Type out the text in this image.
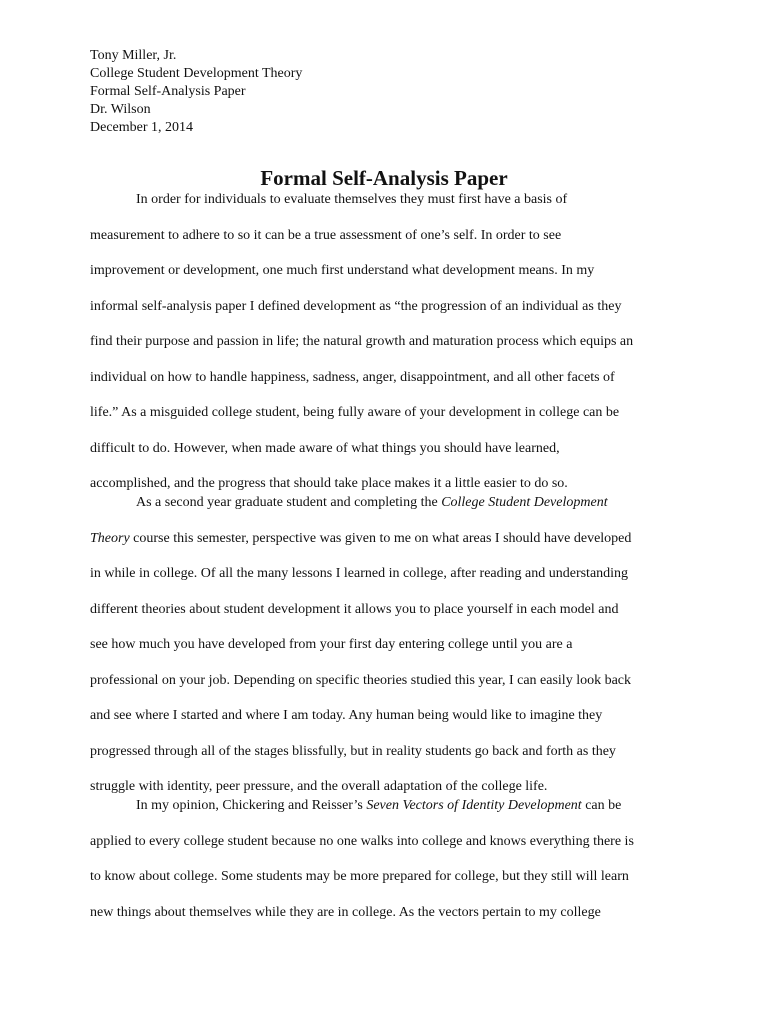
Tony Miller, Jr.
College Student Development Theory
Formal Self-Analysis Paper
Dr. Wilson
December 1, 2014
Formal Self-Analysis Paper
In order for individuals to evaluate themselves they must first have a basis of
measurement to adhere to so it can be a true assessment of one’s self. In order to see
improvement or development, one much first understand what development means. In my
informal self-analysis paper I defined development as “the progression of an individual as they
find their purpose and passion in life; the natural growth and maturation process which equips an
individual on how to handle happiness, sadness, anger, disappointment, and all other facets of
life.” As a misguided college student, being fully aware of your development in college can be
difficult to do. However, when made aware of what things you should have learned,
accomplished, and the progress that should take place makes it a little easier to do so.
As a second year graduate student and completing the College Student Development
Theory course this semester, perspective was given to me on what areas I should have developed
in while in college. Of all the many lessons I learned in college, after reading and understanding
different theories about student development it allows you to place yourself in each model and
see how much you have developed from your first day entering college until you are a
professional on your job. Depending on specific theories studied this year, I can easily look back
and see where I started and where I am today. Any human being would like to imagine they
progressed through all of the stages blissfully, but in reality students go back and forth as they
struggle with identity, peer pressure, and the overall adaptation of the college life.
In my opinion, Chickering and Reisser’s Seven Vectors of Identity Development can be
applied to every college student because no one walks into college and knows everything there is
to know about college. Some students may be more prepared for college, but they still will learn
new things about themselves while they are in college. As the vectors pertain to my college
